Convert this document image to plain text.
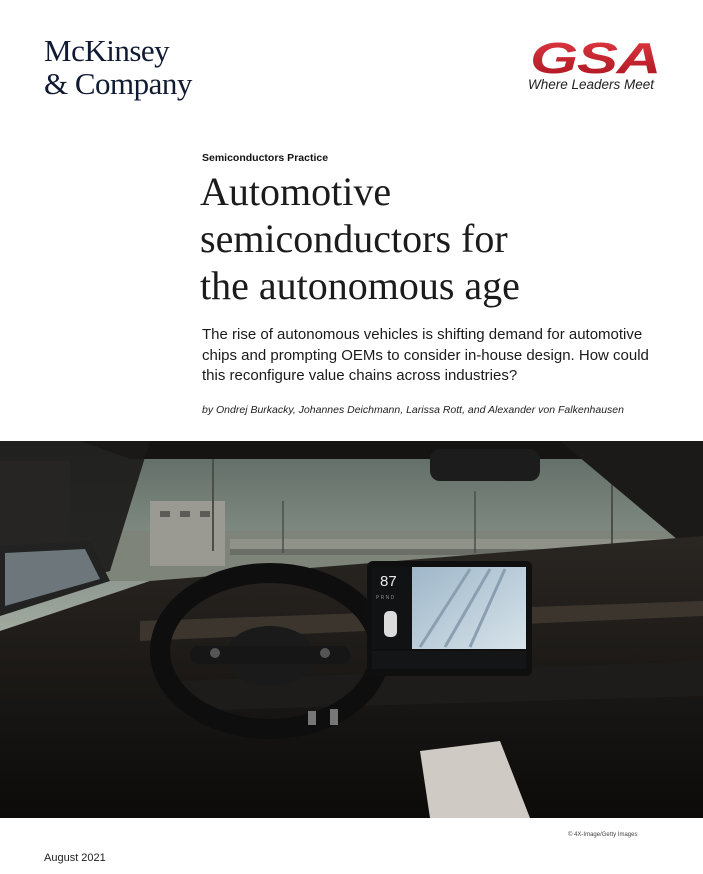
McKinsey
& Company
GSA
Where Leaders Meet
Semiconductors Practice
Automotive
semiconductors for
the autonomous age
The rise of autonomous vehicles is shifting demand for automotive
chips and prompting OEMs to consider in-house design. How could
this reconfigure value chains across industries?
by Ondrej Burkacky, Johannes Deichmann, Larissa Rott, and Alexander von Falkenhausen
87
P R N D
© 4X-Image/Getty Images
August 2021
